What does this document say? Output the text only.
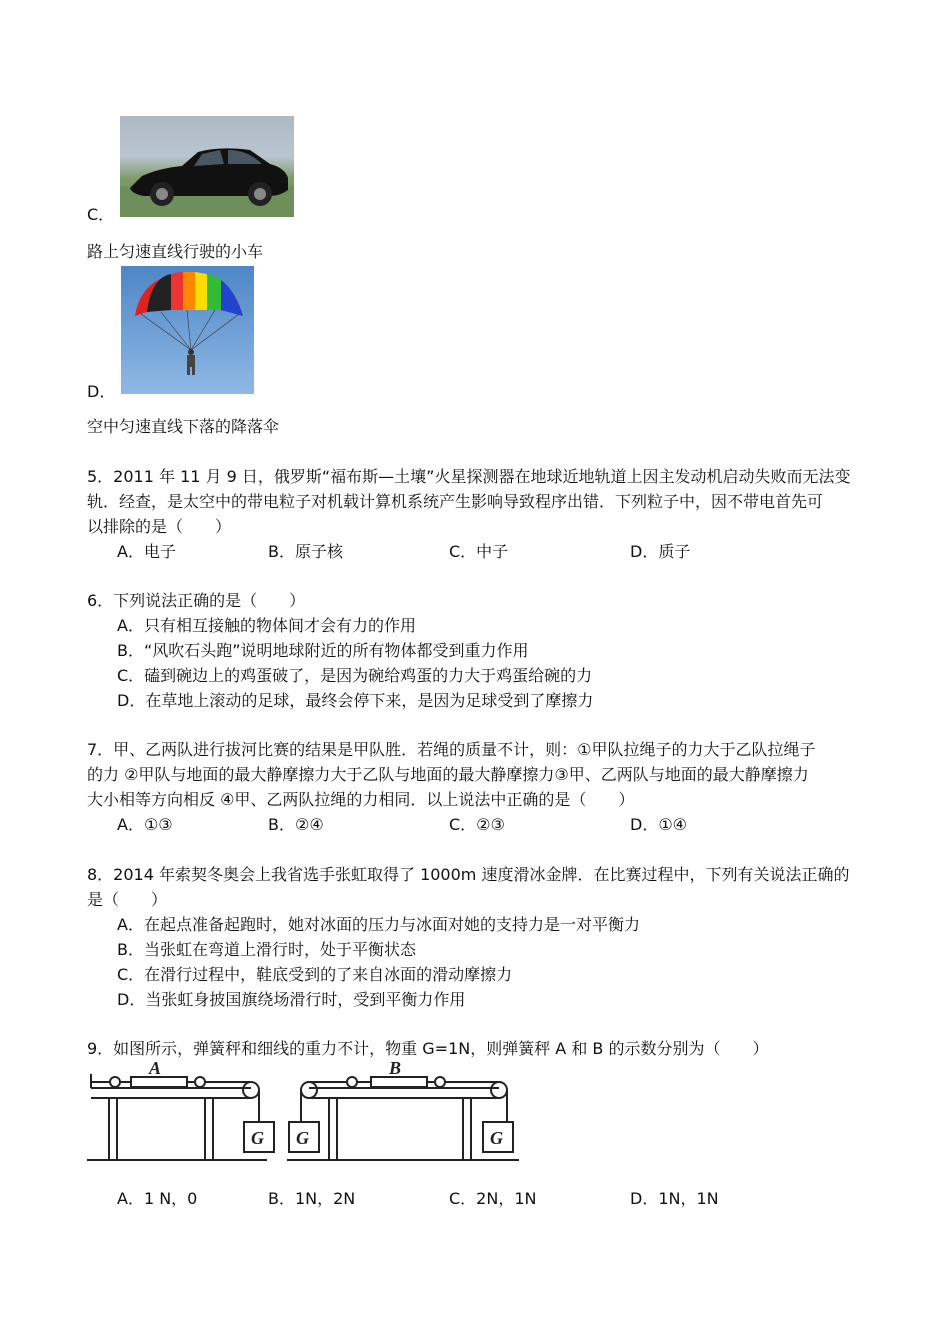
C．
路上匀速直线行驶的小车
D．
空中匀速直线下落的降落伞
5．2011 年 11 月 9 日，俄罗斯“福布斯—土壤”火星探测器在地球近地轨道上因主发动机启动失败而无法变
轨．经查，是太空中的带电粒子对机载计算机系统产生影响导致程序出错．下列粒子中，因不带电首先可
以排除的是（　　）
A．电子	B．原子核	C．中子	D．质子
6．下列说法正确的是（　　）
A．只有相互接触的物体间才会有力的作用
B．“风吹石头跑”说明地球附近的所有物体都受到重力作用
C．磕到碗边上的鸡蛋破了，是因为碗给鸡蛋的力大于鸡蛋给碗的力
D．在草地上滚动的足球，最终会停下来，是因为足球受到了摩擦力
7．甲、乙两队进行拔河比赛的结果是甲队胜．若绳的质量不计，则：①甲队拉绳子的力大于乙队拉绳子
的力 ②甲队与地面的最大静摩擦力大于乙队与地面的最大静摩擦力③甲、乙两队与地面的最大静摩擦力
大小相等方向相反 ④甲、乙两队拉绳的力相同．以上说法中正确的是（　　）
A．①③	B．②④	C．②③	D．①④
8．2014 年索契冬奥会上我省选手张虹取得了 1000m 速度滑冰金牌．在比赛过程中，下列有关说法正确的
是（　　）
A．在起点准备起跑时，她对冰面的压力与冰面对她的支持力是一对平衡力
B．当张虹在弯道上滑行时，处于平衡状态
C．在滑行过程中，鞋底受到的了来自冰面的滑动摩擦力
D．当张虹身披国旗绕场滑行时，受到平衡力作用
9．如图所示，弹簧秤和细线的重力不计，物重 G=1N，则弹簧秤 A 和 B 的示数分别为（　　）
A	B
G G	G
A．1 N，0	B．1N，2N	C．2N，1N	D．1N，1N
